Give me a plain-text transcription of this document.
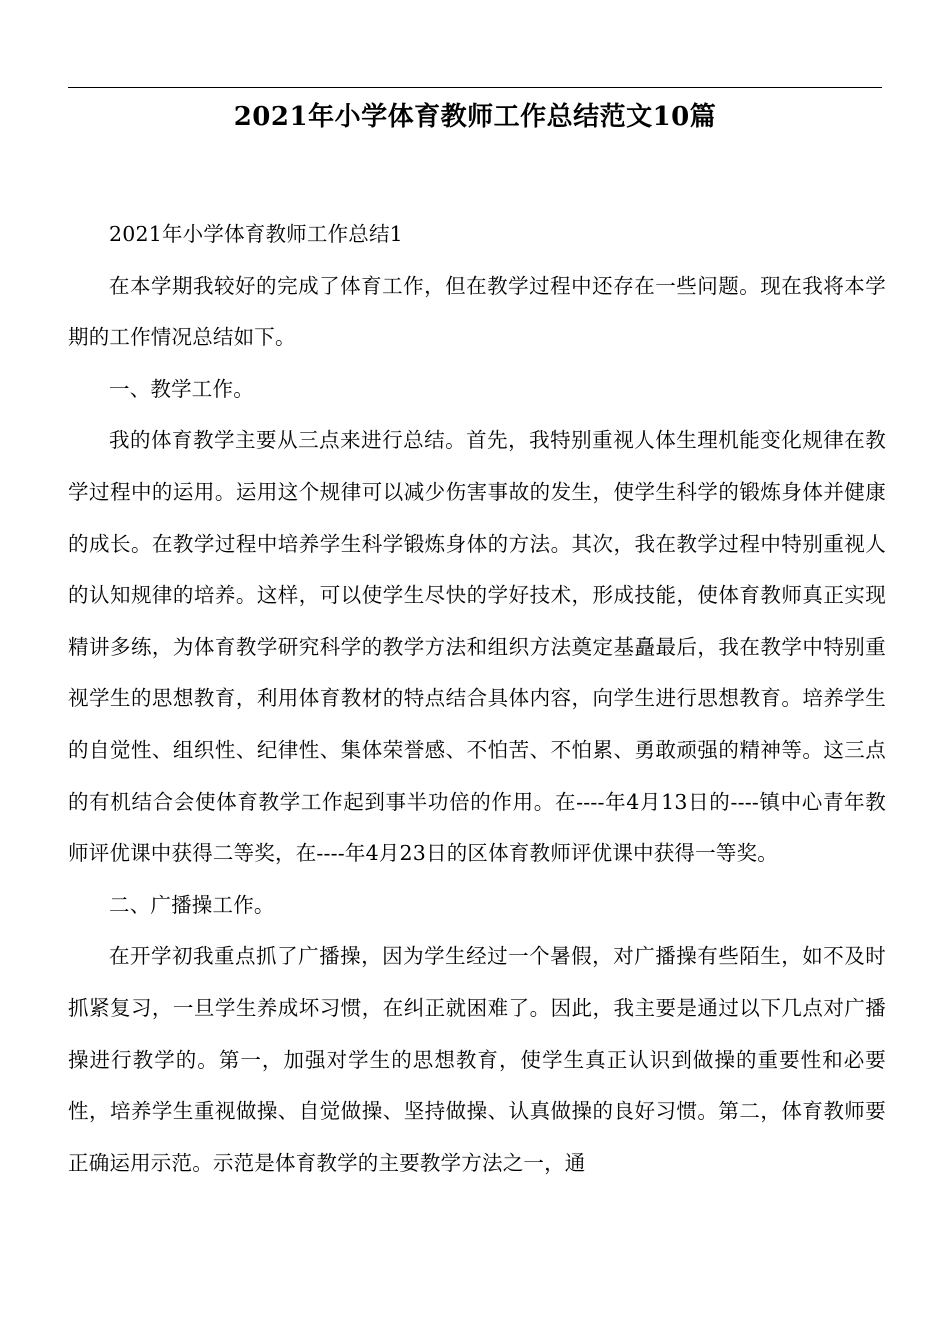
2021年小学体育教师工作总结范文10篇

2021年小学体育教师工作总结1

在本学期我较好的完成了体育工作，但在教学过程中还存在一些问题。现在我将本学期的工作情况总结如下。

一、教学工作。

我的体育教学主要从三点来进行总结。首先，我特别重视人体生理机能变化规律在教学过程中的运用。运用这个规律可以减少伤害事故的发生，使学生科学的锻炼身体并健康的成长。在教学过程中培养学生科学锻炼身体的方法。其次，我在教学过程中特别重视人的认知规律的培养。这样，可以使学生尽快的学好技术，形成技能，使体育教师真正实现精讲多练，为体育教学研究科学的教学方法和组织方法奠定基矗最后，我在教学中特别重视学生的思想教育，利用体育教材的特点结合具体内容，向学生进行思想教育。培养学生的自觉性、组织性、纪律性、集体荣誉感、不怕苦、不怕累、勇敢顽强的精神等。这三点的有机结合会使体育教学工作起到事半功倍的作用。在----年4月13日的----镇中心青年教师评优课中获得二等奖，在----年4月23日的区体育教师评优课中获得一等奖。

二、广播操工作。

在开学初我重点抓了广播操，因为学生经过一个暑假，对广播操有些陌生，如不及时抓紧复习，一旦学生养成坏习惯，在纠正就困难了。因此，我主要是通过以下几点对广播操进行教学的。第一，加强对学生的思想教育，使学生真正认识到做操的重要性和必要性，培养学生重视做操、自觉做操、坚持做操、认真做操的良好习惯。第二，体育教师要正确运用示范。示范是体育教学的主要教学方法之一，通
